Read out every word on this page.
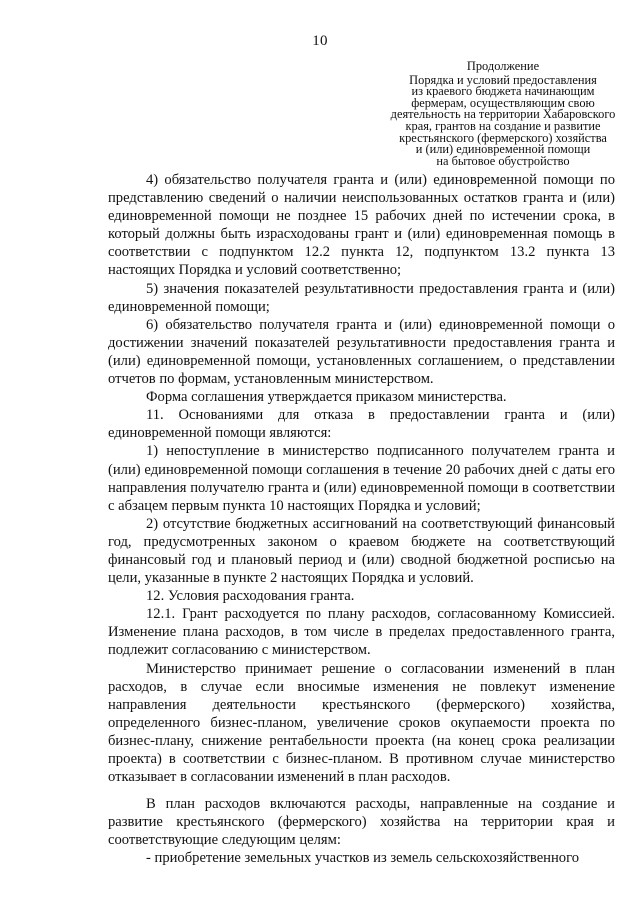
10
Продолжение
Порядка и условий предоставления
из краевого бюджета начинающим
фермерам, осуществляющим свою
деятельность на территории Хабаровского
края, грантов на создание и развитие
крестьянского (фермерского) хозяйства
и (или) единовременной помощи
на бытовое обустройство

4) обязательство получателя гранта и (или) единовременной помощи по представлению сведений о наличии неиспользованных остатков гранта и (или) единовременной помощи не позднее 15 рабочих дней по истечении срока, в который должны быть израсходованы грант и (или) единовременная помощь в соответствии с подпунктом 12.2 пункта 12, подпунктом 13.2 пункта 13 настоящих Порядка и условий соответственно;

5) значения показателей результативности предоставления гранта и (или) единовременной помощи;

6) обязательство получателя гранта и (или) единовременной помощи о достижении значений показателей результативности предоставления гранта и (или) единовременной помощи, установленных соглашением, о представлении отчетов по формам, установленным министерством.

Форма соглашения утверждается приказом министерства.

11. Основаниями для отказа в предоставлении гранта и (или) единовременной помощи являются:

1) непоступление в министерство подписанного получателем гранта и (или) единовременной помощи соглашения в течение 20 рабочих дней с даты его направления получателю гранта и (или) единовременной помощи в соответствии с абзацем первым пункта 10 настоящих Порядка и условий;

2) отсутствие бюджетных ассигнований на соответствующий финансовый год, предусмотренных законом о краевом бюджете на соответствующий финансовый год и плановый период и (или) сводной бюджетной росписью на цели, указанные в пункте 2 настоящих Порядка и условий.

12. Условия расходования гранта.

12.1. Грант расходуется по плану расходов, согласованному Комиссией. Изменение плана расходов, в том числе в пределах предоставленного гранта, подлежит согласованию с министерством.

Министерство принимает решение о согласовании изменений в план расходов, в случае если вносимые изменения не повлекут изменение направления деятельности крестьянского (фермерского) хозяйства, определенного бизнес-планом, увеличение сроков окупаемости проекта по бизнес-плану, снижение рентабельности проекта (на конец срока реализации проекта) в соответствии с бизнес-планом. В противном случае министерство отказывает в согласовании изменений в план расходов.

В план расходов включаются расходы, направленные на создание и развитие крестьянского (фермерского) хозяйства на территории края и соответствующие следующим целям:

- приобретение земельных участков из земель сельскохозяйственного
